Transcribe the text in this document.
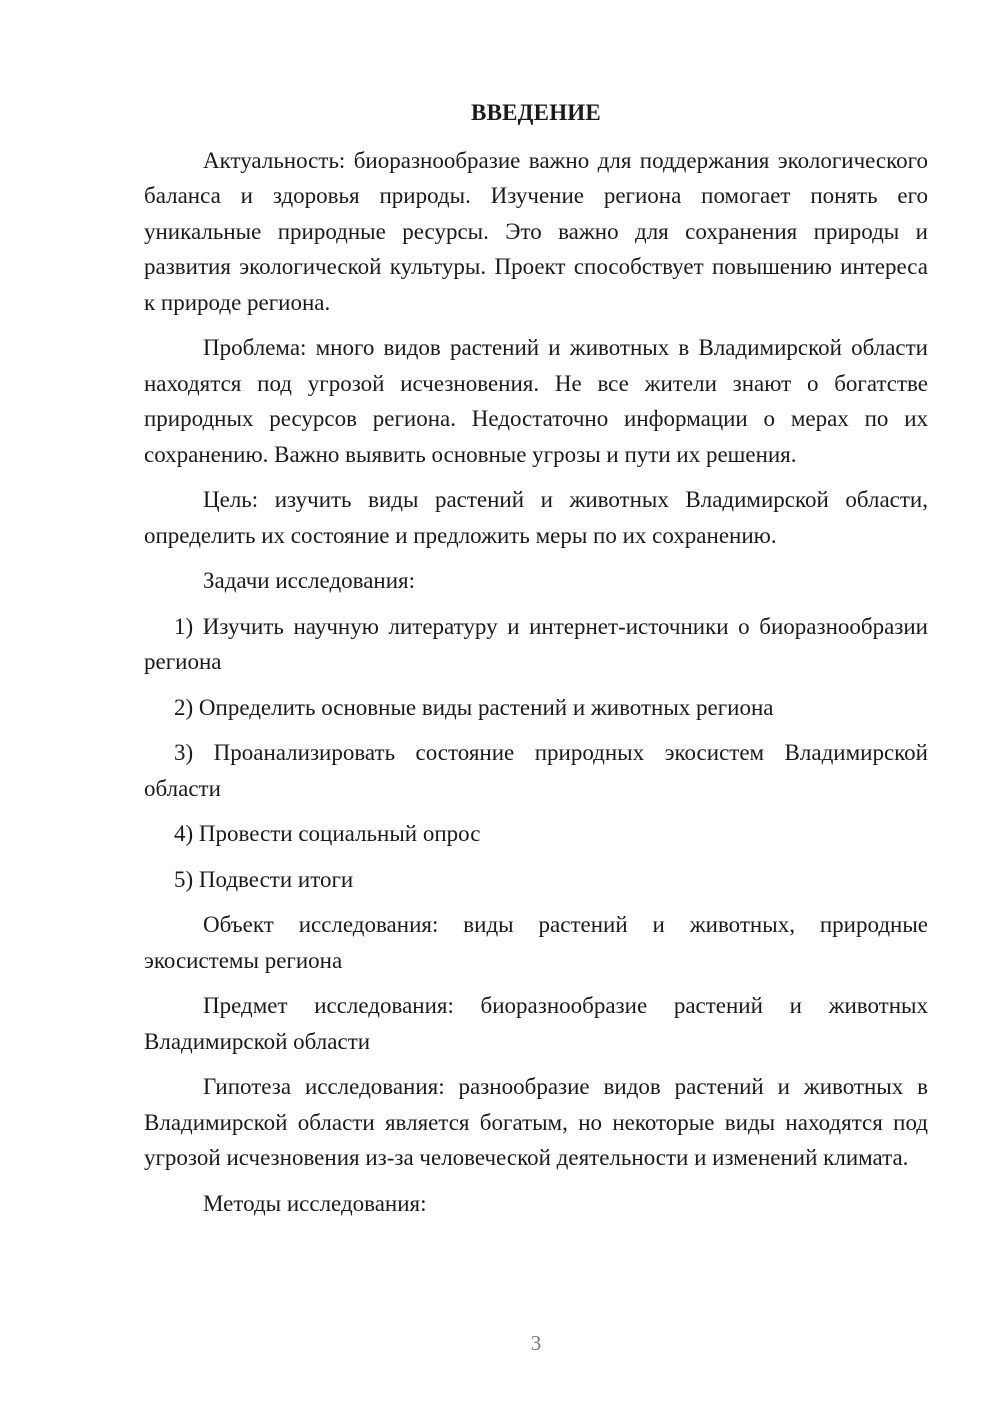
ВВЕДЕНИЕ

Актуальность: биоразнообразие важно для поддержания экологического баланса и здоровья природы. Изучение региона помогает понять его уникальные природные ресурсы. Это важно для сохранения природы и развития экологической культуры. Проект способствует повышению интереса к природе региона.

Проблема: много видов растений и животных в Владимирской области находятся под угрозой исчезновения. Не все жители знают о богатстве природных ресурсов региона. Недостаточно информации о мерах по их сохранению. Важно выявить основные угрозы и пути их решения.

Цель: изучить виды растений и животных Владимирской области, определить их состояние и предложить меры по их сохранению.

Задачи исследования:

1) Изучить научную литературу и интернет-источники о биоразнообразии региона

2) Определить основные виды растений и животных региона

3) Проанализировать состояние природных экосистем Владимирской области

4) Провести социальный опрос

5) Подвести итоги

Объект исследования: виды растений и животных, природные экосистемы региона

Предмет исследования: биоразнообразие растений и животных Владимирской области

Гипотеза исследования: разнообразие видов растений и животных в Владимирской области является богатым, но некоторые виды находятся под угрозой исчезновения из-за человеческой деятельности и изменений климата.

Методы исследования:

3
